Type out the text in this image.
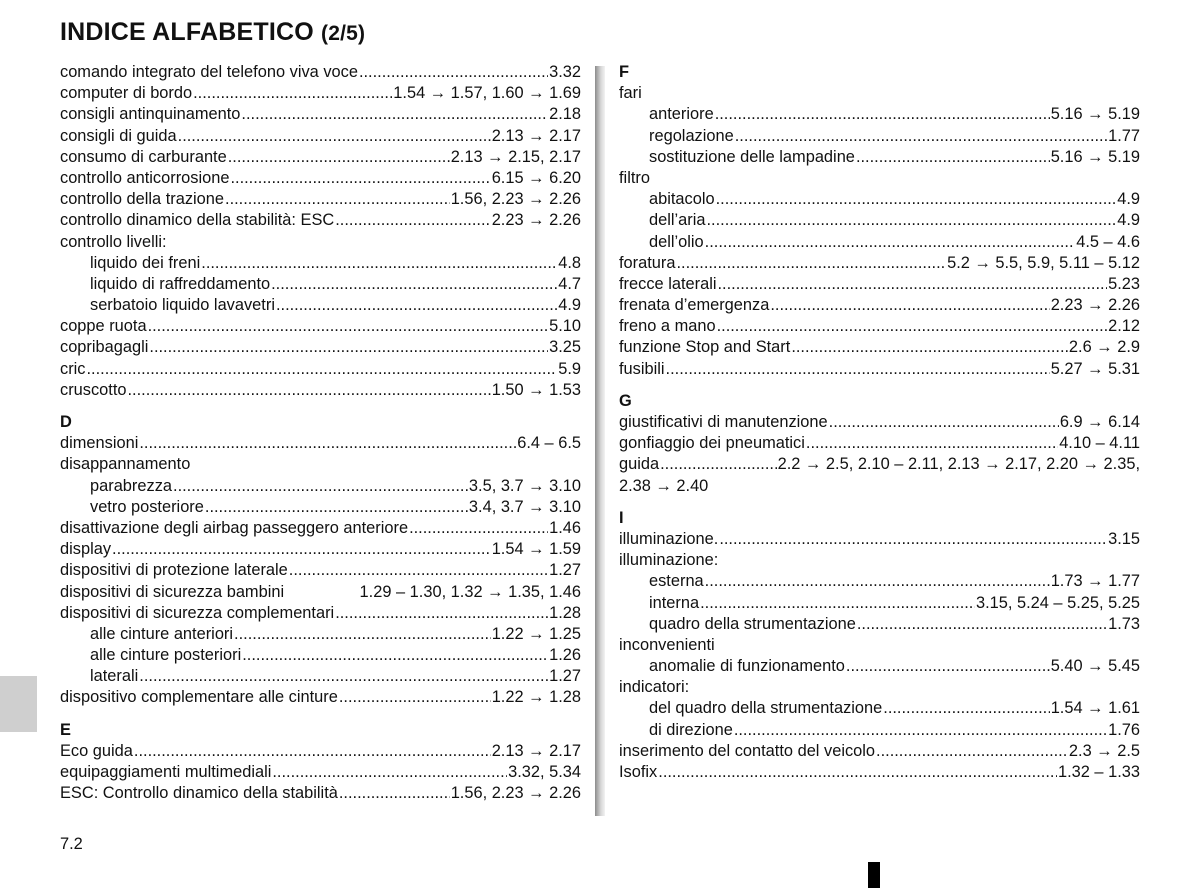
INDICE ALFABETICO (2/5)
comando integrato del telefono viva voce .....	3.32
computer di bordo .....	1.54 → 1.57, 1.60 → 1.69
consigli antinquinamento .....	2.18
consigli di guida .....	2.13 → 2.17
consumo di carburante .....	2.13 → 2.15, 2.17
controllo anticorrosione .....	6.15 → 6.20
controllo della trazione .....	1.56, 2.23 → 2.26
controllo dinamico della stabilità: ESC .....	2.23 → 2.26
controllo livelli:
liquido dei freni .....	4.8
liquido di raffreddamento .....	4.7
serbatoio liquido lavavetri .....	4.9
coppe ruota .....	5.10
copribagagli .....	3.25
cric .....	5.9
cruscotto .....	1.50 → 1.53
D
dimensioni .....	6.4 – 6.5
disappannamento
parabrezza .....	3.5, 3.7 → 3.10
vetro posteriore .....	3.4, 3.7 → 3.10
disattivazione degli airbag passeggero anteriore .....	1.46
display .....	1.54 → 1.59
dispositivi di protezione laterale .....	1.27
dispositivi di sicurezza bambini	1.29 – 1.30, 1.32 → 1.35, 1.46
dispositivi di sicurezza complementari .....	1.28
alle cinture anteriori .....	1.22 → 1.25
alle cinture posteriori .....	1.26
laterali .....	1.27
dispositivo complementare alle cinture .....	1.22 → 1.28
E
Eco guida .....	2.13 → 2.17
equipaggiamenti multimediali .....	3.32, 5.34
ESC: Controllo dinamico della stabilità .....	1.56, 2.23 → 2.26
F
fari
anteriore .....	5.16 → 5.19
regolazione .....	1.77
sostituzione delle lampadine .....	5.16 → 5.19
filtro
abitacolo .....	4.9
dell’aria .....	4.9
dell’olio .....	4.5 – 4.6
foratura .....	5.2 → 5.5, 5.9, 5.11 – 5.12
frecce laterali .....	5.23
frenata d’emergenza .....	2.23 → 2.26
freno a mano .....	2.12
funzione Stop and Start .....	2.6 → 2.9
fusibili .....	5.27 → 5.31
G
giustificativi di manutenzione .....	6.9 → 6.14
gonfiaggio dei pneumatici .....	4.10 – 4.11
guida .....	2.2 → 2.5, 2.10 – 2.11, 2.13 → 2.17, 2.20 → 2.35,
2.38 → 2.40
I
illuminazione. .....	3.15
illuminazione:
esterna .....	1.73 → 1.77
interna .....	3.15, 5.24 – 5.25, 5.25
quadro della strumentazione .....	1.73
inconvenienti
anomalie di funzionamento .....	5.40 → 5.45
indicatori:
del quadro della strumentazione .....	1.54 → 1.61
di direzione .....	1.76
inserimento del contatto del veicolo .....	2.3 → 2.5
Isofix .....	1.32 – 1.33
7.2
